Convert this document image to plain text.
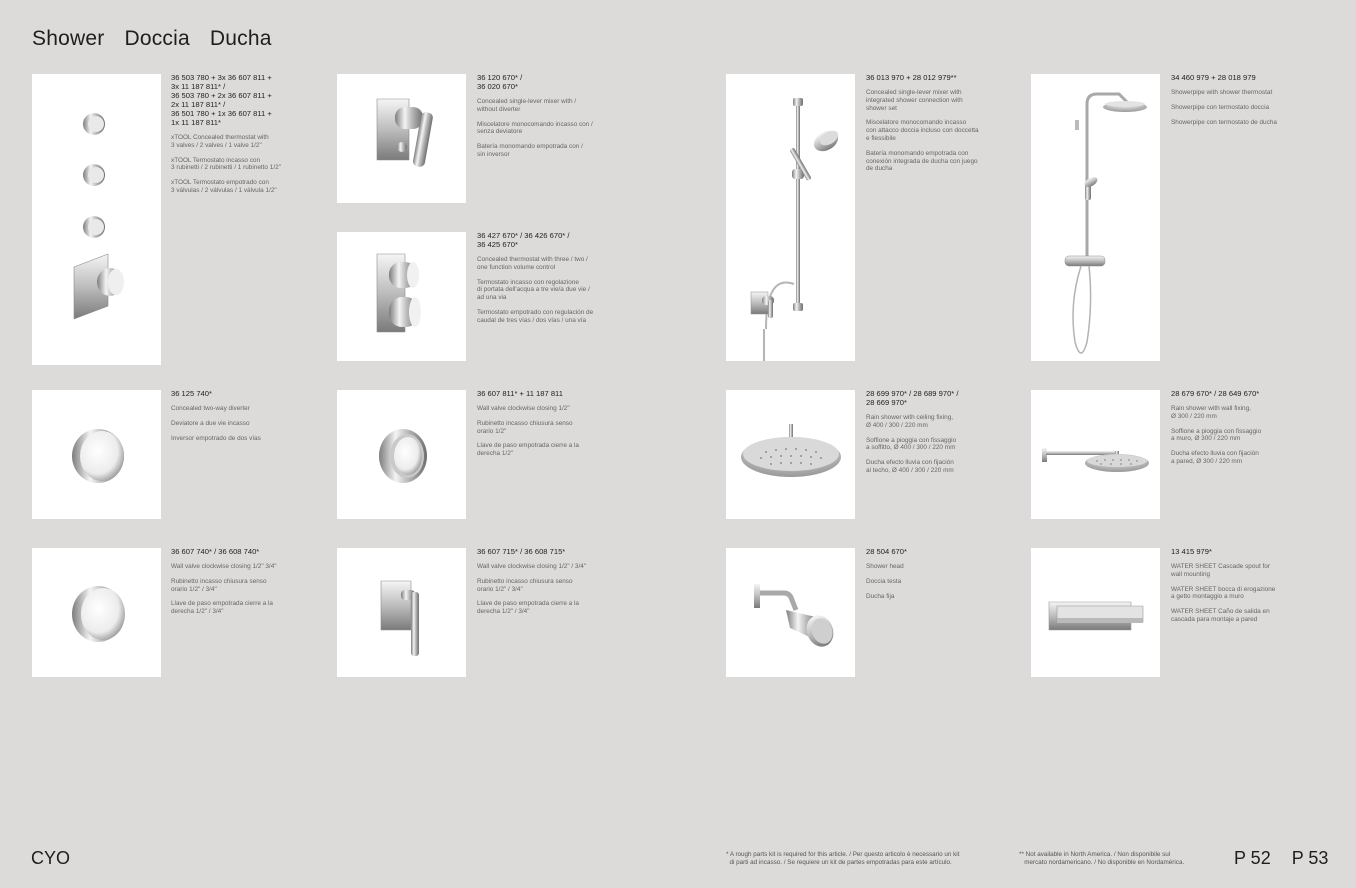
Shower Doccia Ducha
36 503 780 + 3x 36 607 811 +
3x 11 187 811* /
36 503 780 + 2x 36 607 811 +
2x 11 187 811* /
36 501 780 + 1x 36 607 811 +
1x 11 187 811*
xTOOL Concealed thermostat with
3 valves / 2 valves / 1 valve 1/2"
xTOOL Termostato incasso con
3 rubinetti / 2 rubinetti / 1 rubinetto 1/2"
xTOOL Termostato empotrado con
3 válvulas / 2 válvulas / 1 válvula 1/2"
36 120 670* /
36 020 670*
Concealed single-lever mixer with /
without diverter
Miscelatore monocomando incasso con /
senza deviatore
Batería monomando empotrada con /
sin inversor
36 427 670* / 36 426 670* /
36 425 670*
Concealed thermostat with three / two /
one function volume control
Termostato incasso con regolazione
di portata dell'acqua a tre vie/a due vie /
ad una via
Termostato empotrado con regulación de
caudal de tres vías / dos vías / una vía
36 013 970 + 28 012 979**
Concealed single-lever mixer with
integrated shower connection with
shower set
Miscelatore monocomando incasso
con attacco doccia incluso con doccetta
e flessibile
Batería monomando empotrada con
conexión integrada de ducha con juego
de ducha
34 460 979 + 28 018 979
Showerpipe with shower thermostat
Showerpipe con termostato doccia
Showerpipe con termostato de ducha
36 125 740*
Concealed two-way diverter
Deviatore a due vie incasso
Inversor empotrado de dos vías
36 607 811* + 11 187 811
Wall valve clockwise closing 1/2"
Rubinetto incasso chiusura senso
orario 1/2"
Llave de paso empotrada cierre a la
derecha 1/2"
28 699 970* / 28 689 970* /
28 669 970*
Rain shower with ceiling fixing,
Ø 400 / 300 / 220 mm
Soffione a pioggia con fissaggio
a soffitto, Ø 400 / 300 / 220 mm
Ducha efecto lluvia con fijación
al techo, Ø 400 / 300 / 220 mm
28 679 670* / 28 649 670*
Rain shower with wall fixing,
Ø 300 / 220 mm
Soffione a pioggia con fissaggio
a muro, Ø 300 / 220 mm
Ducha efecto lluvia con fijación
a pared, Ø 300 / 220 mm
36 607 740* / 36 608 740*
Wall valve clockwise closing 1/2" 3/4"
Rubinetto incasso chiusura senso
orario 1/2" / 3/4"
Llave de paso empotrada cierre a la
derecha 1/2" / 3/4"
36 607 715* / 36 608 715*
Wall valve clockwise closing 1/2" / 3/4"
Rubinetto incasso chiusura senso
orario 1/2" / 3/4"
Llave de paso empotrada cierre a la
derecha 1/2" / 3/4"
28 504 670*
Shower head
Doccia testa
Ducha fija
13 415 979*
WATER SHEET Cascade spout for
wall mounting
WATER SHEET bocca di erogazione
a getto montaggio a muro
WATER SHEET Caño de salida en
cascada para montaje a pared
CYO	* A rough parts kit is required for this article. / Per questo articolo è necessario un kit
di parti ad incasso. / Se requiere un kit de partes empotradas para este artículo.
** Not available in North America. / Non disponibile sul
mercato nordamericano. / No disponible en Nordamérica.	P 52 P 53
